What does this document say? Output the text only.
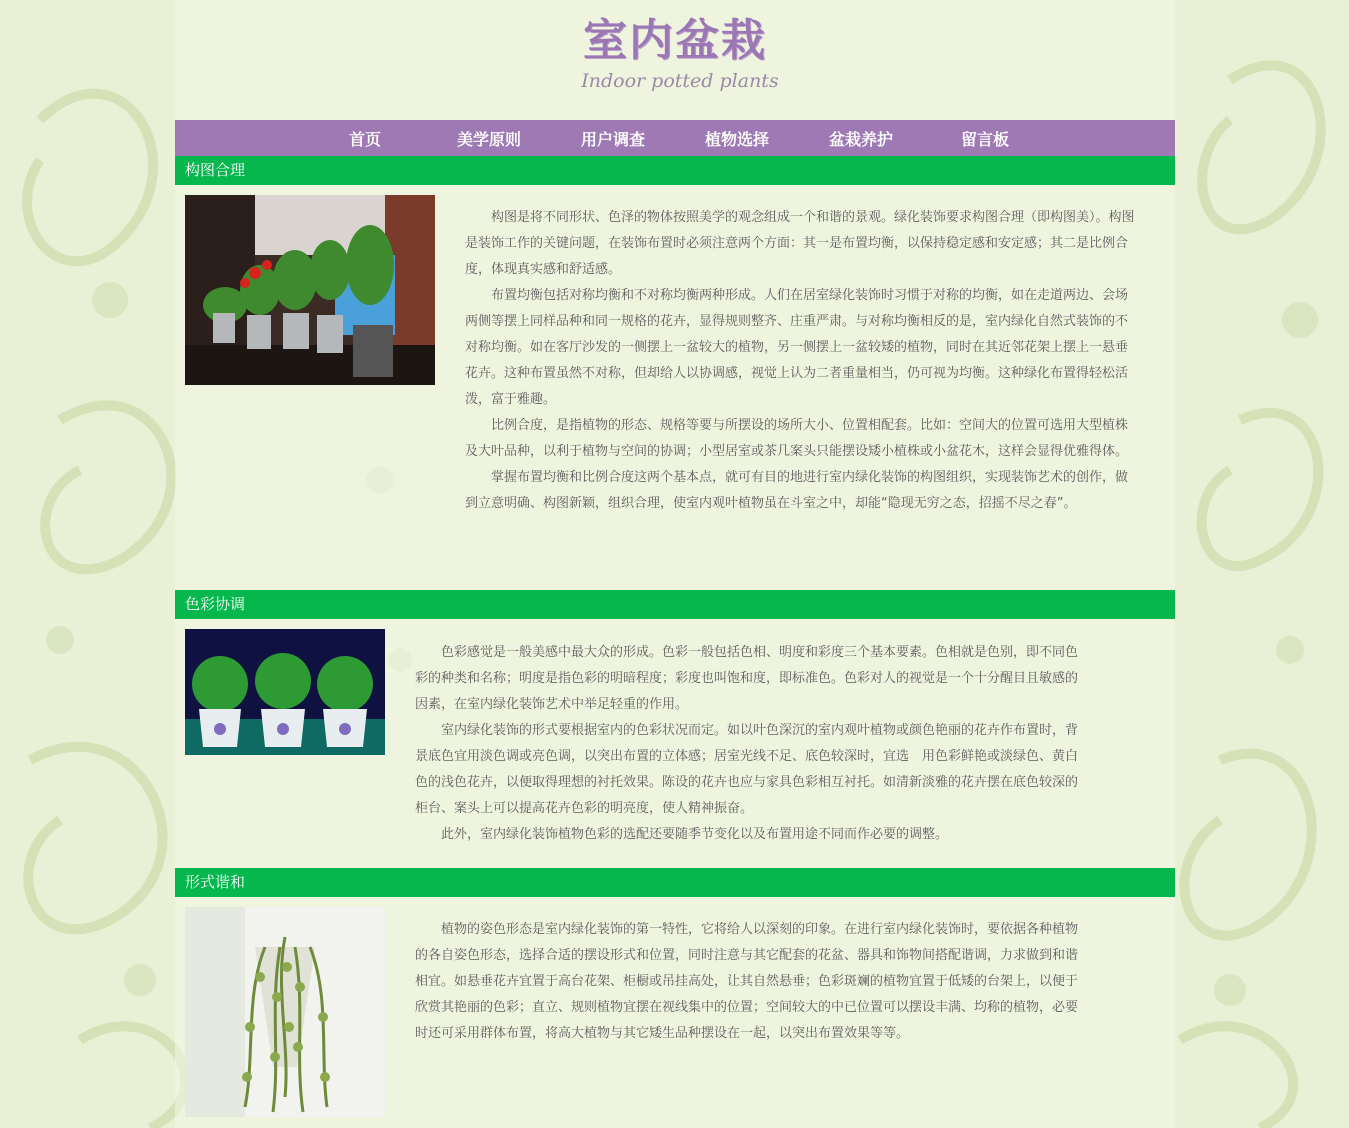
室内盆栽
Indoor potted plants
首页	美学原则	用户调查	植物选择	盆栽养护	留言板
构图合理

构图是将不同形状、色泽的物体按照美学的观念组成一个和谐的景观。绿化装饰要求构图合理（即构图美）。构图是装饰工作的关键问题，在装饰布置时必须注意两个方面：其一是布置均衡，以保持稳定感和安定感；其二是比例合度，体现真实感和舒适感。

布置均衡包括对称均衡和不对称均衡两种形成。人们在居室绿化装饰时习惯于对称的均衡，如在走道两边、会场两侧等摆上同样品种和同一规格的花卉，显得规则整齐、庄重严肃。与对称均衡相反的是，室内绿化自然式装饰的不对称均衡。如在客厅沙发的一侧摆上一盆较大的植物，另一侧摆上一盆较矮的植物，同时在其近邻花架上摆上一悬垂花卉。这种布置虽然不对称，但却给人以协调感，视觉上认为二者重量相当，仍可视为均衡。这种绿化布置得轻松活泼，富于雅趣。

比例合度，是指植物的形态、规格等要与所摆设的场所大小、位置相配套。比如：空间大的位置可选用大型植株及大叶品种，以利于植物与空间的协调；小型居室或茶几案头只能摆设矮小植株或小盆花木，这样会显得优雅得体。

掌握布置均衡和比例合度这两个基本点，就可有目的地进行室内绿化装饰的构图组织，实现装饰艺术的创作，做到立意明确、构图新颖，组织合理，使室内观叶植物虽在斗室之中，却能“隐现无穷之态，招摇不尽之春”。

色彩协调

色彩感觉是一般美感中最大众的形成。色彩一般包括色相、明度和彩度三个基本要素。色相就是色别，即不同色彩的种类和名称；明度是指色彩的明暗程度；彩度也叫饱和度，即标准色。色彩对人的视觉是一个十分醒目且敏感的因素，在室内绿化装饰艺术中举足轻重的作用。

室内绿化装饰的形式要根据室内的色彩状况而定。如以叶色深沉的室内观叶植物或颜色艳丽的花卉作布置时，背景底色宜用淡色调或亮色调，以突出布置的立体感；居室光线不足、底色较深时，宜选　用色彩鲜艳或淡绿色、黄白色的浅色花卉，以便取得理想的衬托效果。陈设的花卉也应与家具色彩相互衬托。如清新淡雅的花卉摆在底色较深的柜台、案头上可以提高花卉色彩的明亮度，使人精神振奋。

此外，室内绿化装饰植物色彩的选配还要随季节变化以及布置用途不同而作必要的调整。

形式谐和

植物的姿色形态是室内绿化装饰的第一特性，它将给人以深刻的印象。在进行室内绿化装饰时，要依据各种植物的各自姿色形态，选择合适的摆设形式和位置，同时注意与其它配套的花盆、器具和饰物间搭配谐调，力求做到和谐相宜。如悬垂花卉宜置于高台花架、柜橱或吊挂高处，让其自然悬垂；色彩斑斓的植物宜置于低矮的台架上，以便于欣赏其艳丽的色彩；直立、规则植物宜摆在视线集中的位置；空间较大的中已位置可以摆设丰满、均称的植物，必要时还可采用群体布置，将高大植物与其它矮生品种摆设在一起，以突出布置效果等等。
